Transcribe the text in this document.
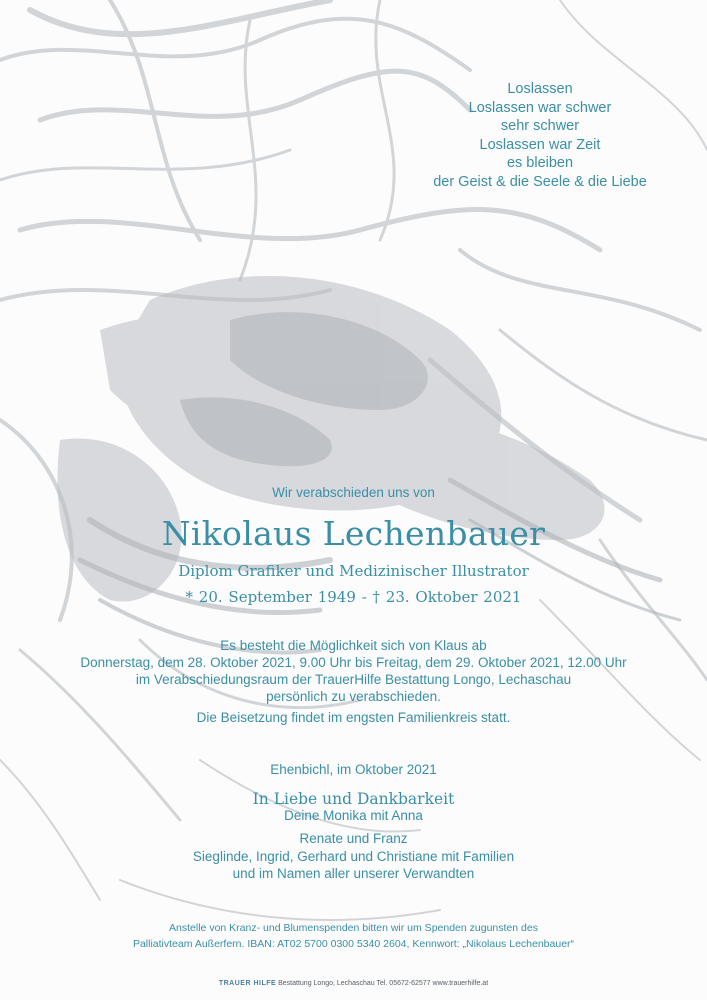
Loslassen
Loslassen war schwer
sehr schwer
Loslassen war Zeit
es bleiben
der Geist & die Seele & die Liebe
Wir verabschieden uns von
Nikolaus Lechenbauer
Diplom Grafiker und Medizinischer Illustrator
* 20. September 1949 - † 23. Oktober 2021
Es besteht die Möglichkeit sich von Klaus ab
Donnerstag, dem 28. Oktober 2021, 9.00 Uhr bis Freitag, dem 29. Oktober 2021, 12.00 Uhr
im Verabschiedungsraum der TrauerHilfe Bestattung Longo, Lechaschau
persönlich zu verabschieden.
Die Beisetzung findet im engsten Familienkreis statt.
Ehenbichl, im Oktober 2021
In Liebe und Dankbarkeit
Deine Monika mit Anna
Renate und Franz
Sieglinde, Ingrid, Gerhard und Christiane mit Familien
und im Namen aller unserer Verwandten
Anstelle von Kranz- und Blumenspenden bitten wir um Spenden zugunsten des
Palliativteam Außerfern. IBAN: AT02 5700 0300 5340 2604, Kennwort: „Nikolaus Lechenbauer“
TRAUER HILFE Bestattung Longo, Lechaschau Tel. 05672-62577 www.trauerhilfe.at
